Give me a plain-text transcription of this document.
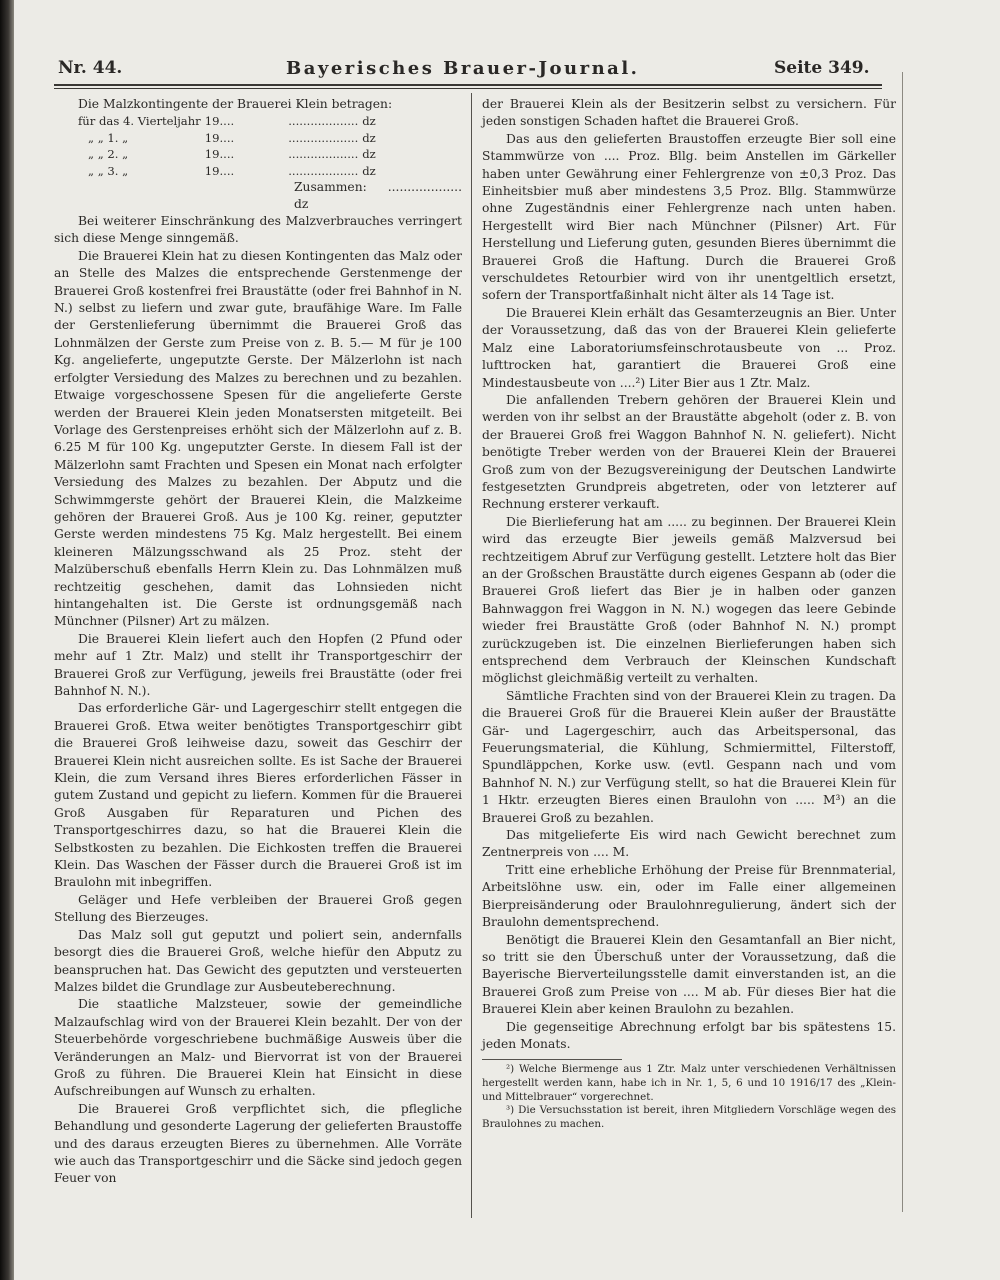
Nr. 44.	Bayerisches Brauer-Journal.	Seite 349.

Die Malzkontingente der Brauerei Klein betragen:

für das 4. Vierteljahr	19....	...................	dz
„ „ 1. „	19....	...................	dz
„ „ 2. „	19....	...................	dz
„ „ 3. „	19....	...................	dz
Zusammen: ................... dz

Bei weiterer Einschränkung des Malzverbrauches verringert sich diese Menge sinngemäß.

Die Brauerei Klein hat zu diesen Kontingenten das Malz oder an Stelle des Malzes die entsprechende Gerstenmenge der Brauerei Groß kostenfrei frei Braustätte (oder frei Bahnhof in N. N.) selbst zu liefern und zwar gute, braufähige Ware. Im Falle der Gerstenlieferung übernimmt die Brauerei Groß das Lohnmälzen der Gerste zum Preise von z. B. 5.— M für je 100 Kg. angelieferte, ungeputzte Gerste. Der Mälzerlohn ist nach erfolgter Versiedung des Malzes zu berechnen und zu bezahlen. Etwaige vorgeschossene Spesen für die angelieferte Gerste werden der Brauerei Klein jeden Monatsersten mitgeteilt. Bei Vorlage des Gerstenpreises erhöht sich der Mälzerlohn auf z. B. 6.25 M für 100 Kg. ungeputzter Gerste. In diesem Fall ist der Mälzerlohn samt Frachten und Spesen ein Monat nach erfolgter Versiedung des Malzes zu bezahlen. Der Abputz und die Schwimmgerste gehört der Brauerei Klein, die Malzkeime gehören der Brauerei Groß. Aus je 100 Kg. reiner, geputzter Gerste werden mindestens 75 Kg. Malz hergestellt. Bei einem kleineren Mälzungsschwand als 25 Proz. steht der Malzüberschuß ebenfalls Herrn Klein zu. Das Lohnmälzen muß rechtzeitig geschehen, damit das Lohnsieden nicht hintangehalten ist. Die Gerste ist ordnungsgemäß nach Münchner (Pilsner) Art zu mälzen.

Die Brauerei Klein liefert auch den Hopfen (2 Pfund oder mehr auf 1 Ztr. Malz) und stellt ihr Transportgeschirr der Brauerei Groß zur Verfügung, jeweils frei Braustätte (oder frei Bahnhof N. N.).

Das erforderliche Gär- und Lagergeschirr stellt entgegen die Brauerei Groß. Etwa weiter benötigtes Transportgeschirr gibt die Brauerei Groß leihweise dazu, soweit das Geschirr der Brauerei Klein nicht ausreichen sollte. Es ist Sache der Brauerei Klein, die zum Versand ihres Bieres erforderlichen Fässer in gutem Zustand und gepicht zu liefern. Kommen für die Brauerei Groß Ausgaben für Reparaturen und Pichen des Transportgeschirres dazu, so hat die Brauerei Klein die Selbstkosten zu bezahlen. Die Eichkosten treffen die Brauerei Klein. Das Waschen der Fässer durch die Brauerei Groß ist im Braulohn mit inbegriffen.

Geläger und Hefe verbleiben der Brauerei Groß gegen Stellung des Bierzeuges.

Das Malz soll gut geputzt und poliert sein, andernfalls besorgt dies die Brauerei Groß, welche hiefür den Abputz zu beanspruchen hat. Das Gewicht des geputzten und versteuerten Malzes bildet die Grundlage zur Ausbeuteberechnung.

Die staatliche Malzsteuer, sowie der gemeindliche Malzaufschlag wird von der Brauerei Klein bezahlt. Der von der Steuerbehörde vorgeschriebene buchmäßige Ausweis über die Veränderungen an Malz- und Biervorrat ist von der Brauerei Groß zu führen. Die Brauerei Klein hat Einsicht in diese Aufschreibungen auf Wunsch zu erhalten.

Die Brauerei Groß verpflichtet sich, die pflegliche Behandlung und gesonderte Lagerung der gelieferten Braustoffe und des daraus erzeugten Bieres zu übernehmen. Alle Vorräte wie auch das Transportgeschirr und die Säcke sind jedoch gegen Feuer von

der Brauerei Klein als der Besitzerin selbst zu versichern. Für jeden sonstigen Schaden haftet die Brauerei Groß.

Das aus den gelieferten Braustoffen erzeugte Bier soll eine Stammwürze von .... Proz. Bllg. beim Anstellen im Gärkeller haben unter Gewährung einer Fehlergrenze von ±0,3 Proz. Das Einheitsbier muß aber mindestens 3,5 Proz. Bllg. Stammwürze ohne Zugeständnis einer Fehlergrenze nach unten haben. Hergestellt wird Bier nach Münchner (Pilsner) Art. Für Herstellung und Lieferung guten, gesunden Bieres übernimmt die Brauerei Groß die Haftung. Durch die Brauerei Groß verschuldetes Retourbier wird von ihr unentgeltlich ersetzt, sofern der Transportfaßinhalt nicht älter als 14 Tage ist.

Die Brauerei Klein erhält das Gesamterzeugnis an Bier. Unter der Voraussetzung, daß das von der Brauerei Klein gelieferte Malz eine Laboratoriumsfeinschrotausbeute von ... Proz. lufttrocken hat, garantiert die Brauerei Groß eine Mindestausbeute von ....²) Liter Bier aus 1 Ztr. Malz.

Die anfallenden Trebern gehören der Brauerei Klein und werden von ihr selbst an der Braustätte abgeholt (oder z. B. von der Brauerei Groß frei Waggon Bahnhof N. N. geliefert). Nicht benötigte Treber werden von der Brauerei Klein der Brauerei Groß zum von der Bezugsvereinigung der Deutschen Landwirte festgesetzten Grundpreis abgetreten, oder von letzterer auf Rechnung ersterer verkauft.

Die Bierlieferung hat am ..... zu beginnen. Der Brauerei Klein wird das erzeugte Bier jeweils gemäß Malzversud bei rechtzeitigem Abruf zur Verfügung gestellt. Letztere holt das Bier an der Großschen Braustätte durch eigenes Gespann ab (oder die Brauerei Groß liefert das Bier je in halben oder ganzen Bahnwaggon frei Waggon in N. N.) wogegen das leere Gebinde wieder frei Braustätte Groß (oder Bahnhof N. N.) prompt zurückzugeben ist. Die einzelnen Bierlieferungen haben sich entsprechend dem Verbrauch der Kleinschen Kundschaft möglichst gleichmäßig verteilt zu verhalten.

Sämtliche Frachten sind von der Brauerei Klein zu tragen. Da die Brauerei Groß für die Brauerei Klein außer der Braustätte Gär- und Lagergeschirr, auch das Arbeitspersonal, das Feuerungsmaterial, die Kühlung, Schmiermittel, Filterstoff, Spundläppchen, Korke usw. (evtl. Gespann nach und vom Bahnhof N. N.) zur Verfügung stellt, so hat die Brauerei Klein für 1 Hktr. erzeugten Bieres einen Braulohn von ..... M³) an die Brauerei Groß zu bezahlen.

Das mitgelieferte Eis wird nach Gewicht berechnet zum Zentnerpreis von .... M.

Tritt eine erhebliche Erhöhung der Preise für Brennmaterial, Arbeitslöhne usw. ein, oder im Falle einer allgemeinen Bierpreisänderung oder Braulohnregulierung, ändert sich der Braulohn dementsprechend.

Benötigt die Brauerei Klein den Gesamtanfall an Bier nicht, so tritt sie den Überschuß unter der Voraussetzung, daß die Bayerische Bierverteilungsstelle damit einverstanden ist, an die Brauerei Groß zum Preise von .... M ab. Für dieses Bier hat die Brauerei Klein aber keinen Braulohn zu bezahlen.

Die gegenseitige Abrechnung erfolgt bar bis spätestens 15. jeden Monats.

²) Welche Biermenge aus 1 Ztr. Malz unter verschiedenen Verhältnissen hergestellt werden kann, habe ich in Nr. 1, 5, 6 und 10 1916/17 des „Klein- und Mittelbrauer“ vorgerechnet.

³) Die Versuchsstation ist bereit, ihren Mitgliedern Vorschläge wegen des Braulohnes zu machen.
